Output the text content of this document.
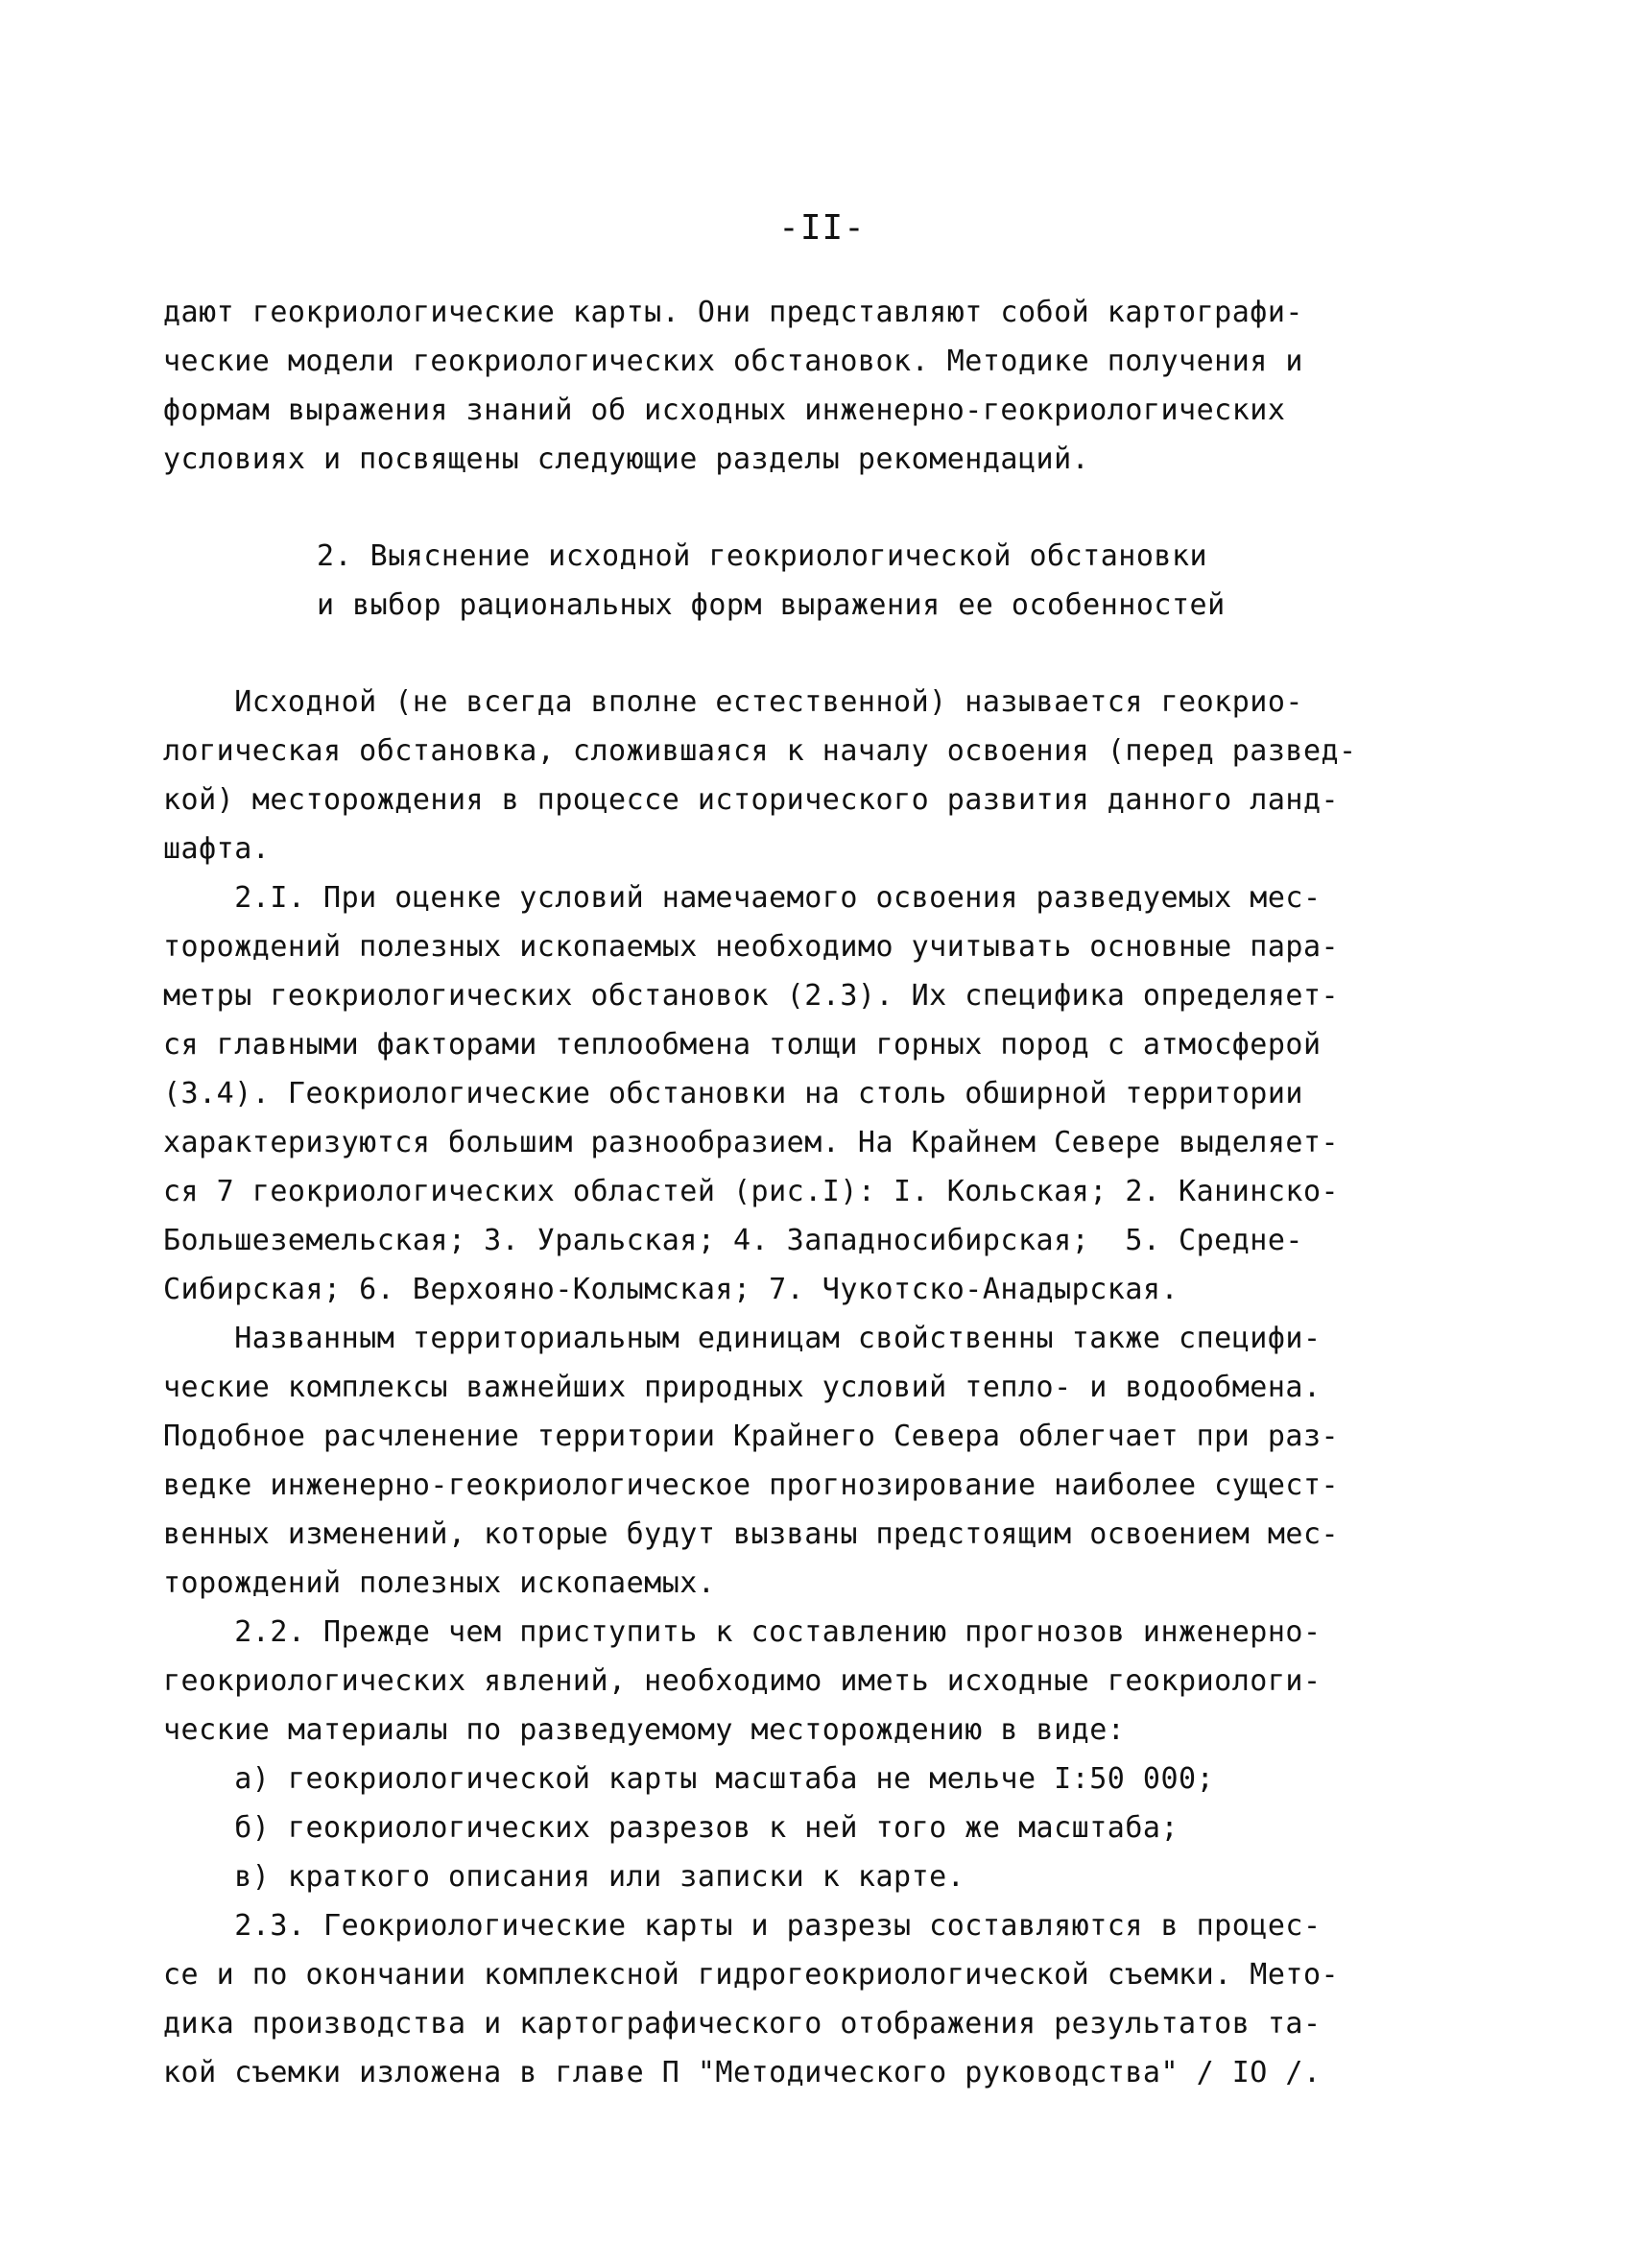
-II-
дают геокриологические карты. Они представляют собой картографи-
ческие модели геокриологических обстановок. Методике получения и
формам выражения знаний об исходных инженерно-геокриологических
условиях и посвящены следующие разделы рекомендаций.
2. Выяснение исходной геокриологической обстановки
и выбор рациональных форм выражения ее особенностей
Исходной (не всегда вполне естественной) называется геокрио-
логическая обстановка, сложившаяся к началу освоения (перед развед-
кой) месторождения в процессе исторического развития данного ланд-
шафта.
2.I. При оценке условий намечаемого освоения разведуемых мес-
торождений полезных ископаемых необходимо учитывать основные пара-
метры геокриологических обстановок (2.3). Их специфика определяет-
ся главными факторами теплообмена толщи горных пород с атмосферой
(3.4). Геокриологические обстановки на столь обширной территории
характеризуются большим разнообразием. На Крайнем Севере выделяет-
ся 7 геокриологических областей (рис.I): I. Кольская; 2. Канинско-
Большеземельская; 3. Уральская; 4. Западносибирская;  5. Средне-
Сибирская; 6. Верхояно-Колымская; 7. Чукотско-Анадырская.
Названным территориальным единицам свойственны также специфи-
ческие комплексы важнейших природных условий тепло- и водообмена.
Подобное расчленение территории Крайнего Севера облегчает при раз-
ведке инженерно-геокриологическое прогнозирование наиболее сущест-
венных изменений, которые будут вызваны предстоящим освоением мес-
торождений полезных ископаемых.
2.2. Прежде чем приступить к составлению прогнозов инженерно-
геокриологических явлений, необходимо иметь исходные геокриологи-
ческие материалы по разведуемому месторождению в виде:
а) геокриологической карты масштаба не мельче I:50 000;
б) геокриологических разрезов к ней того же масштаба;
в) краткого описания или записки к карте.
2.3. Геокриологические карты и разрезы составляются в процес-
се и по окончании комплексной гидрогеокриологической съемки. Мето-
дика производства и картографического отображения результатов та-
кой съемки изложена в главе П "Методического руководства" / IO /.
